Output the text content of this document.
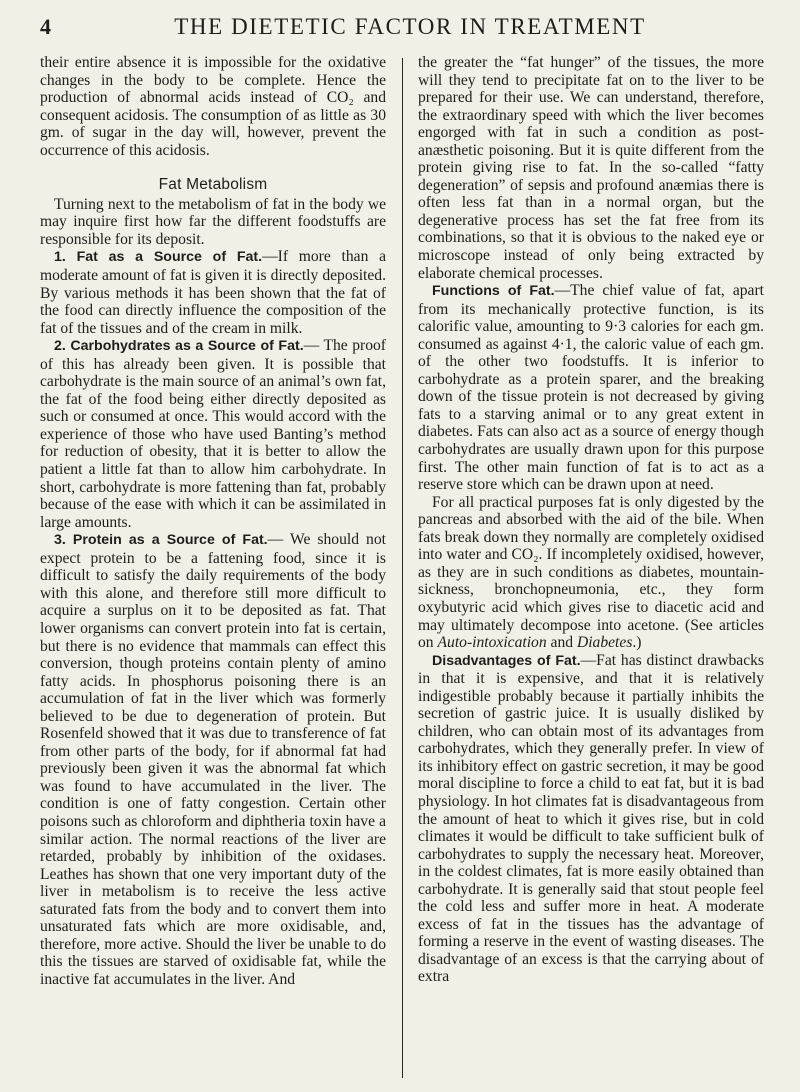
4	THE DIETETIC FACTOR IN TREATMENT

their entire absence it is impossible for the oxidative changes in the body to be complete. Hence the production of abnormal acids instead of CO₂ and consequent acidosis. The consumption of as little as 30 gm. of sugar in the day will, however, prevent the occurrence of this acidosis.

Fat Metabolism

Turning next to the metabolism of fat in the body we may inquire first how far the different foodstuffs are responsible for its deposit.

1. Fat as a Source of Fat.—If more than a moderate amount of fat is given it is directly deposited. By various methods it has been shown that the fat of the food can directly influence the composition of the fat of the tissues and of the cream in milk.

2. Carbohydrates as a Source of Fat.— The proof of this has already been given. It is possible that carbohydrate is the main source of an animal’s own fat, the fat of the food being either directly deposited as such or consumed at once. This would accord with the experience of those who have used Banting’s method for reduction of obesity, that it is better to allow the patient a little fat than to allow him carbohydrate. In short, carbohydrate is more fattening than fat, probably because of the ease with which it can be assimilated in large amounts.

3. Protein as a Source of Fat.— We should not expect protein to be a fattening food, since it is difficult to satisfy the daily requirements of the body with this alone, and therefore still more difficult to acquire a surplus on it to be deposited as fat. That lower organisms can convert protein into fat is certain, but there is no evidence that mammals can effect this conversion, though proteins contain plenty of amino fatty acids. In phosphorus poisoning there is an accumulation of fat in the liver which was formerly believed to be due to degeneration of protein. But Rosenfeld showed that it was due to transference of fat from other parts of the body, for if abnormal fat had previously been given it was the abnormal fat which was found to have accumulated in the liver. The condition is one of fatty congestion. Certain other poisons such as chloroform and diphtheria toxin have a similar action. The normal reactions of the liver are retarded, probably by inhibition of the oxidases. Leathes has shown that one very important duty of the liver in metabolism is to receive the less active saturated fats from the body and to convert them into unsaturated fats which are more oxidisable, and, therefore, more active. Should the liver be unable to do this the tissues are starved of oxidisable fat, while the inactive fat accumulates in the liver. And

the greater the “fat hunger” of the tissues, the more will they tend to precipitate fat on to the liver to be prepared for their use. We can understand, therefore, the extraordinary speed with which the liver becomes engorged with fat in such a condition as post-anæsthetic poisoning. But it is quite different from the protein giving rise to fat. In the so-called “fatty degeneration” of sepsis and profound anæmias there is often less fat than in a normal organ, but the degenerative process has set the fat free from its combinations, so that it is obvious to the naked eye or microscope instead of only being extracted by elaborate chemical processes.

Functions of Fat.—The chief value of fat, apart from its mechanically protective function, is its calorific value, amounting to 9·3 calories for each gm. consumed as against 4·1, the caloric value of each gm. of the other two foodstuffs. It is inferior to carbohydrate as a protein sparer, and the breaking down of the tissue protein is not decreased by giving fats to a starving animal or to any great extent in diabetes. Fats can also act as a source of energy though carbohydrates are usually drawn upon for this purpose first. The other main function of fat is to act as a reserve store which can be drawn upon at need.

For all practical purposes fat is only digested by the pancreas and absorbed with the aid of the bile. When fats break down they normally are completely oxidised into water and CO₂. If incompletely oxidised, however, as they are in such conditions as diabetes, mountain-sickness, bronchopneumonia, etc., they form oxybutyric acid which gives rise to diacetic acid and may ultimately decompose into acetone. (See articles on Auto-intoxication and Diabetes.)

Disadvantages of Fat.—Fat has distinct drawbacks in that it is expensive, and that it is relatively indigestible probably because it partially inhibits the secretion of gastric juice. It is usually disliked by children, who can obtain most of its advantages from carbohydrates, which they generally prefer. In view of its inhibitory effect on gastric secretion, it may be good moral discipline to force a child to eat fat, but it is bad physiology. In hot climates fat is disadvantageous from the amount of heat to which it gives rise, but in cold climates it would be difficult to take sufficient bulk of carbohydrates to supply the necessary heat. Moreover, in the coldest climates, fat is more easily obtained than carbohydrate. It is generally said that stout people feel the cold less and suffer more in heat. A moderate excess of fat in the tissues has the advantage of forming a reserve in the event of wasting diseases. The disadvantage of an excess is that the carrying about of extra
